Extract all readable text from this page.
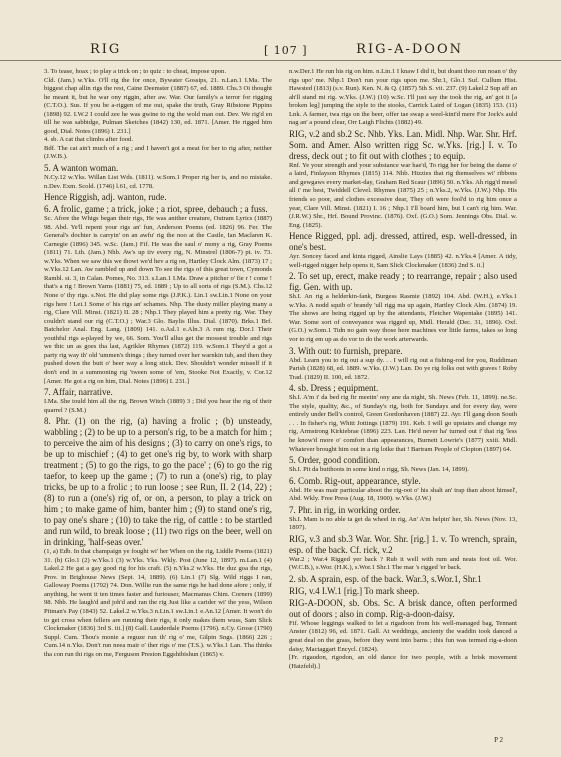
RIG	[ 107 ]	RIG-A-DOON

3. To tease, hoax ; to play a trick on ; to quiz : to cheat, impose upon.

Cld. (Jam.) w.Yks. O'll rig the for once, Bywater Gossips, 21. n.Lan.1 I.Ma. The biggest chap allin rigs the rest, Caine Deemster (1887) 67, ed. 1889. Chs.3 Oi thought he meant it, but he war ony riggin, after aw. War. Our family's a terror for rigging (C.T.O.). Sus. If you be a-riggen of me out, spake the truth, Gray Ribstone Pippins (1898) 92. I.W.2 I could zee he was gwine to rig the wold man out. Dev. We rig'd en till he was sabbidge, Pulman Sketches (1842) 130, ed. 1871. [Amer. He rigged him good, Dial. Notes (1896) I. 231.]

4. sb. A cat that climbs after food.

Bdf. The cat ain't much of a rig ; and I haven't got a meat for her to rig after, neither (J.W.B.).

5. A wanton woman.

N.Cy.12 w.Yks. Willan List Wds. (1811). w.Som.1 Proper rig her is, and no mistake. n.Dev. Exm. Scold. (1746) l.61, cd. 1778.

Hence Riggish, adj. wanton, rude.

6. A frolic, game ; a trick, joke ; a riot, spree, debauch ; a fuss.

Sc. Afore the Whigs began their rigs, He was anither creature, Outram Lyrics (1887) 98. Abd. Ye'll repent your rigs an' fun, Anderson Poems (ed. 1826) 96. Fer. The General's dochter is carryin' on an awfu' rig the noo at the Castle, Ian Maclaren K. Carnegie (1896) 345. w.Sc. (Jam.) Fif. He was the saul o' mony a rig, Gray Poems (1811) 71. Lth. (Jam.) Nhb. Aw's up tiv every rig, N. Minstrel (1806-7) pt. iv. 73. w.Yks. When we saw this we thowt we'd hev a rig on, Hartley Clock Alm. (1873) 17 ; w.Yks.12 Lan. Aw rambled up and down To see the rigs of this great town, Cymonds Rambl. st. 3, in Calan. Pomes, No. 313. s.Lan.1 I.Ma. Draw a pitcher o' fie r ! come ! that's a rig ! Brown Yarns (1881) 75, ed. 1889 ; Up to all sorts of rigs (S.M.). Chs.12 None o' thy rigs. s.Not. He did play some rigs (J.P.K.). Lin.1 sw.Lin.1 None on your rigs here ! Lei.1 Some o' his rigs an' schames. Nhp. The dusty miller playing many a rig, Clare Vill. Minst. (1821) II. 28 ; Nhp.1 They played him a pretty rig. War. They couldn't stand our rig (C.T.O.) ; War.3 Glo. Baylis Illus. Dial. (1870). Brks.1 Brf. Batchelor Anal. Eng. Lang. (1809) 141. o.Asl.1 e.Aln.3 A rum rig. Dor.1 Their youthful rigs a-played by we, 66. Som. You'll allus get the mossest trouble and rigs we thic un as goes tha last, Agrikler Rhymes (1872) 119. w.Som.1 They'd a got a party rig way th' old 'ummen's things ; they turned over her warnkin tub, and then they pushed down the butt o' beer way a long stick. Dev. Shouldn't wonder misself if it don't end in a summoning rig 'tween some of 'em, Stooke Not Exactly, v. Cor.12 [Amer. He got a rig on him, Dial. Notes (1896) I. 231.]

7. Affair, narrative.

I.Ma. She tould him all the rig, Brown Witch (1889) 3 ; Did you hear the rig of their quarrel ? (S.M.)

8. Phr. (1) on the rig, (a) having a frolic ; (b) unsteady, wabbling ; (2) to be up to a person's rig, to be a match for him ; to perceive the aim of his designs ; (3) to carry on one's rigs, to be up to mischief ; (4) to get one's rig by, to work with sharp treatment ; (5) to go the rigs, to go the pace' ; (6) to go the rig taefor, to keep up the game ; (7) to run a (one's) rig, to play tricks, be up to a frolic ; to run loose ; see Run, II. 2 (14, 22) ; (8) to run a (one's) rig of, or on, a person, to play a trick on him ; to make game of him, banter him ; (9) to stand one's rig, to pay one's share ; (10) to take the rig, of cattle : to be startled and run wild, to break loose ; (11) two rigs on the beer, well on in drinking, 'half-seas over.'

(1, a) Edb. In that champaign ye fought wi' her When on the rig, Liddle Poems (1821) 31. (b) Glo.1 (2) w.Yks.1 (3) w.Yks. Yks. Wkly. Post (June 12, 1897). m.Lan.1 (4) Lakel.2 He gat a gay good rig for his craft. (5) n.Yks.2 w.Yks. He duz goa the rigs, Prov. in Brighouse News (Sept. 14, 1889). (6) Lin.1 (7) Slg. Wild riggs I ran, Galloway Poems (1792) 74. Don. Willie run the same rigs he had done afore ; only, if anything, he went it ten times faster and furiouser, Macmanus Chim. Corners (1899) 98. Nhb. He laugh'd and joh'd and ran the rig Just like a carider wi' the yess, Wilson Pitman's Pay (1843) 52. Lakel.2 w.Yks.3 n.Lin.1 sw.Lin.1 e.An.12 [Amer. It won't do to get cross when fellers are running their rigs, it only makes them wuss, Sam Slick Clockmaker (1836) 3rd S. iii.] (8) Gall. Lauderdale Poems (1796). n.Cy. Grose (1790) Suppl. Cum. Thou's monie a reguze run th' rig o' me, Gilpin Sngs. (1866) 226 ; Cum.14 n.Yks. Don't run neea mair o' ther rigs o' me (T.S.). w.Yks.1 Lan. Tha thinks tha con run thi rigs on me, Ferguson Preston Eggshibishun (1865) v.

n.w.Der.1 He run his rig on him. n.Lin.1 I knaw I did it, but doant thoo run noan o' thy rigs upo' me. Nhp.1 Don't run your rigs upon me. Shr.1, Glo.1 Suf. Cullum Hist. Hawsted (1813) (s.v. Run). Ken. N. & Q. (1857) 5th S. vii. 237. (9) Lakel.2 Sup aff an ah'll stand mi rig. w.Yks. (J.W.) (10) w.Sc. I'll just say the took the rig, an' got it [a broken leg] jumping the style to the stooks, Carrick Laird of Logan (1835) 153. (11) Lnk. A farmer, twa rigs on the beer, offer tae swap a weel-kint'd mere For Jock's auld nag an' a pound clear, Orr Laigh Flichts (1882) 49.

RIG, v.2 and sb.2 Sc. Nhb. Yks. Lan. Midl. Nhp. War. Shr. Hrf. Som. and Amer. Also written rigg Sc. w.Yks. [rig.] I. v. To dress, deck out ; to fit out with clothes ; to equip.

Rnf. Ye your strength and your substance war hae'd, To rigg her for being the dame o' a laird, Finlayson Rhymes (1815) 114. Nhb. Hizzies that rig themselves wi' ribbons and gewgaws every market-day, Graham Red Scaur (1896) 50. n.Yks. Ah rigg'd mesel all i' me best, Twiddell Clevel. Rhymes (1875) 25 ; n.Yks.2, w.Yks. (J.W.) Nhp. His friends so poor, and clothes excessive dear, They oft were fool'd to rig him once a year, Clare Vill. Minst. (1821) I. 16 ; Nhp.1 I'll board him, but I can't rig him. War. (J.R.W.) Shr., Hrf. Bound Provinc. (1876). Oxf. (G.O.) Som. Jennings Obs. Dial. w. Eng. (1825).

Hence Rigged, ppl. adj. dressed, attired, esp. well-dressed, in one's best.

Ayr. Soncey faced and kinta rigged, Ainslie Lays (1885) 42. n.Yks.4 [Amer. A tidy, well-rigged nigger help opens it, Sam Slick Clockmaker (1836) 2nd S. ii.]

2. To set up, erect, make ready ; to rearrange, repair ; also used fig. Gen. with up.

Sh.I. An rig a helderkin-fank, Burgess Rasmie (1892) 104. Abd. (W.H.), e.Yks.1 w.Yks. A nodd squib o' brandy 'ull rigg ma up again, Hartley Clock Alm. (1874) 19. The shows are being rigged up by the attendants, Fletcher Wapentake (1895) 141. War. Some sort of conveyance was rigged up, Midl. Herald (Dec. 31, 1896). Oxf. (G.O.) w.Som.1 Tidn no gain way those here machines vor little farms, takes so long vor to rig em up as do vor to do the work arterwards.

3. With out: to furnish, prepare.

Abd. Learn you to rig out a sup dy. . . I will rig out a fishing-rod for you, Ruddiman Parish (1828) 68, ed. 1889. w.Yks. (J.W.) Lan. Do ye rig folks out with graves ! Roby Trad. (1829) II. 100, ed. 1872.

4. sb. Dress ; equipment.

Sh.I. A'm i' da bed rig fir meetin' ony ane da night, Sh. News (Feb. 11, 1899). ne.Sc. The style, quality, &c., of Sunday's rig, both for Sundays and for every day, were entirely under Bell's control, Green Gordonhaven (1887) 22. Ayr. I'll gang doon South . . . In fisher's rig, Whitt Jottings (1879) 191. Keb. I will go upstairs and change my rig, Armstrong Kirkiebrae (1896) 223. Lan. He'd never ha' turned out i' that rig 'less he know'd more o' comfort than appearances, Burnett Lowrie's (1877) xxiii. Midl. Whatever brought him out in a rig loike that ! Bartram People of Clopton (1897) 64.

5. Order, good condition.

Sh.I. Pit da butthoots in some kind o rigg, Sh. News (Jan. 14, 1899).

6. Comb. Rig-out, appearance, style.

Abd. He was mair particular aboot the rig-oot o' his shalt an' trap than aboot himsel', Abd. Wkly. Free Press (Aug. 18, 1900). w.Yks. (J.W.)

7. Phr. in rig, in working order.

Sh.I. Mam is no able ta get da wheel in rig, An' A'm helpin' her, Sh. News (Nov. 13, 1897).

RIG, v.3 and sb.3 War. Wor. Shr. [rig.] 1. v. To wrench, sprain, esp. of the back. Cf. rick, v.2

War.2 ; War.4 Rigged yer back ? Rub it well with rum and neats foot oil. Wor. (W.C.B.), s.Wor. (H.K.), s.Wor.1 Shr.1 The mar 's rigged 'er back.

2. sb. A sprain, esp. of the back. War.3, s.Wor.1, Shr.1

RIG, v.4 I.W.1 [rig.] To mark sheep.

RIG-A-DOON, sb. Obs. Sc. A brisk dance, often performed out of doors ; also in comp. Rig-a-doon-daisy.

Fif. Whose leggings walked to let a rigadoon from his well-managed bag, Tennant Anster (1812) 96, ed. 1871. Gall. At weddings, ancienty the waddin took danced a great deal on the grass, before they went into barns ; this fun was termed rig-a-doon daisy, Mactaggart Encycl. (1824).

[Fr. rigaudon, rigodon, an old dance for two people, with a brisk movement (Hatzfeld).]

P 2
